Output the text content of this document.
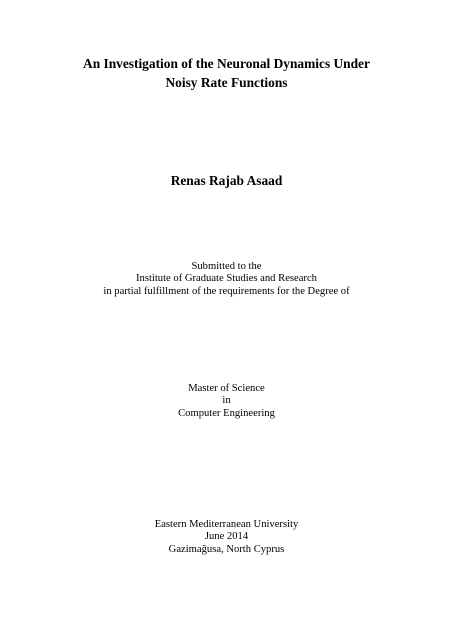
An Investigation of the Neuronal Dynamics Under
Noisy Rate Functions
Renas Rajab Asaad
Submitted to the
Institute of Graduate Studies and Research
in partial fulfillment of the requirements for the Degree of
Master of Science
in
Computer Engineering
Eastern Mediterranean University
June 2014
Gazimağusa, North Cyprus
